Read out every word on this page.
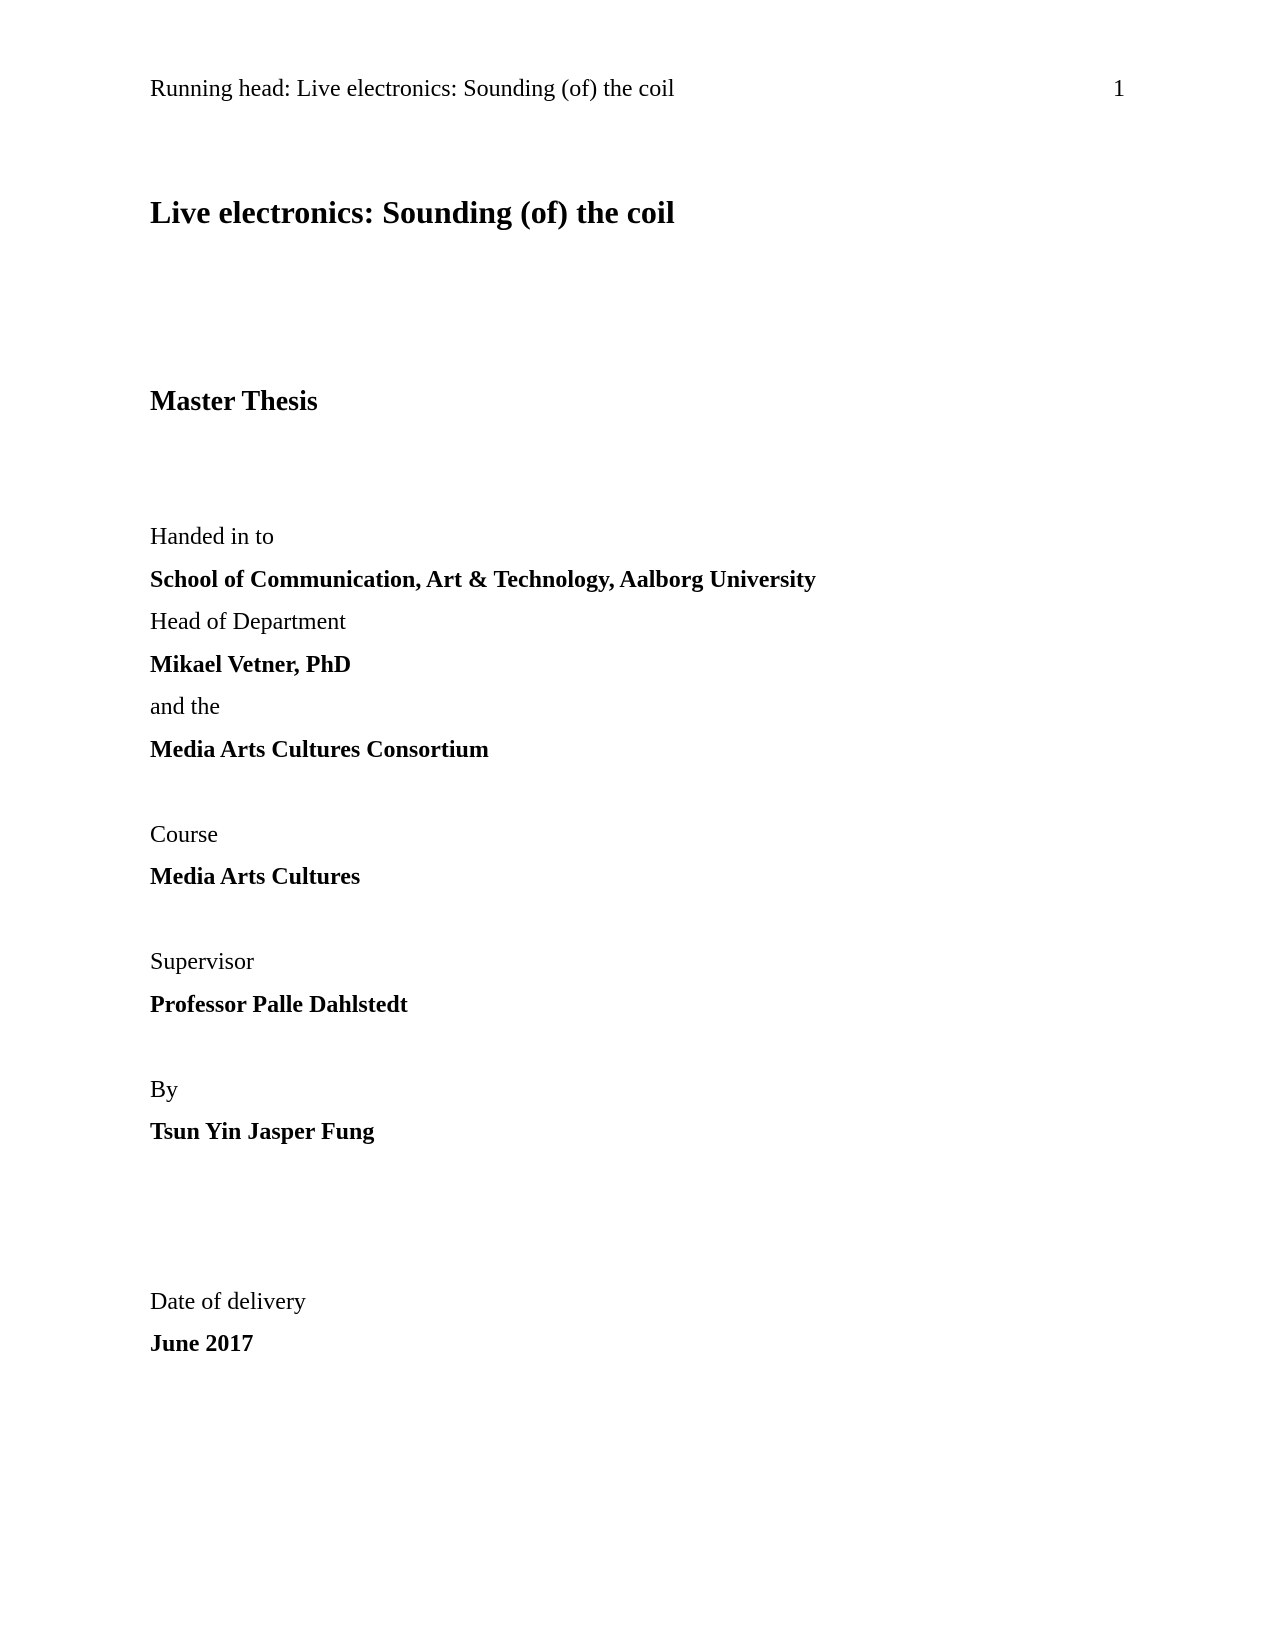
Running head: Live electronics: Sounding (of) the coil	1
Live electronics: Sounding (of) the coil
Master Thesis
Handed in to
School of Communication, Art & Technology, Aalborg University
Head of Department
Mikael Vetner, PhD
and the
Media Arts Cultures Consortium
Course
Media Arts Cultures
Supervisor
Professor Palle Dahlstedt
By
Tsun Yin Jasper Fung
Date of delivery
June 2017
